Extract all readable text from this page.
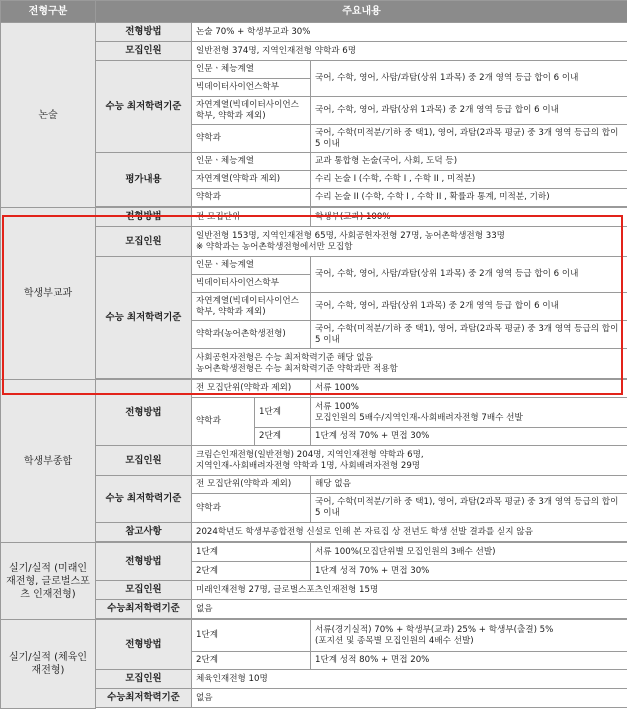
전형구분	주요내용			
논술	전형방법	논술 70% + 학생부교과 30%		
	모집인원	일반전형 374명, 지역인재전형 약학과 6명		
	수능 최저학력기준	인문ㆍ체능계열		국어, 수학, 영어, 사탐/과탐(상위 1과목) 중 2개 영역 등급 합이 6 이내
		빅데이터사이언스학부		
		자연계열(빅데이터사이언스학부, 약학과 제외)		국어, 수학, 영어, 과탐(상위 1과목) 중 2개 영역 등급 합이 6 이내
		약학과		국어, 수학(미적분/기하 중 택1), 영어, 과탐(2과목 평균) 중 3개 영역 등급의 합이 5 이내
	평가내용	인문ㆍ체능계열		교과 통합형 논술(국어, 사회, 도덕 등)
		자연계열(약학과 제외)		수리 논술 I (수학, 수학 I , 수학 II , 미적분)
		약학과		수리 논술 II (수학, 수학 I , 수학 II , 확률과 통계, 미적분, 기하)

학생부교과	전형방법	전 모집단위		학생부(교과) 100%
	모집인원	일반전형 153명, 지역인재전형 65명, 사회공헌자전형 27명, 농어촌학생전형 33명
※ 약학과는 농어촌학생전형에서만 모집함		

	수능 최저학력기준	인문ㆍ체능계열		국어, 수학, 영어, 사탐/과탐(상위 1과목) 중 2개 영역 등급 합이 6 이내
		빅데이터사이언스학부		
		자연계열(빅데이터사이언스학부, 약학과 제외)		국어, 수학, 영어, 과탐(상위 1과목) 중 2개 영역 등급 합이 6 이내
		약학과(농어촌학생전형)		국어, 수학(미적분/기하 중 택1), 영어, 과탐(2과목 평균) 중 3개 영역 등급의 합이 5 이내

		사회공헌자전형은 수능 최저학력기준 해당 없음
농어촌학생전형은 수능 최저학력기준 약학과만 적용함		

학생부종합	전형방법	전 모집단위(약학과 제외)		서류 100%
		약학과	1단계	서류 100%
모집인원의 5배수/지역인재-사회배려자전형 7배수 선발

			2단계	1단계 성적 70% + 면접 30%
	모집인원	크림슨인재전형(일반전형) 204명, 지역인재전형 약학과 6명,
지역인재-사회배려자전형 약학과 1명, 사회배려자전형 29명		

	수능 최저학력기준	전 모집단위(약학과 제외)		해당 없음
		약학과		국어, 수학(미적분/기하 중 택1), 영어, 과탐(2과목 평균) 중 3개 영역 등급의 합이 5 이내
	참고사항	2024학년도 학생부종합전형 신설로 인해 본 자료집 상 전년도 학생 선발 결과를 싣지 않음		

실기/실적 (미래인재전형, 글로벌스포츠 인재전형)	전형방법	1단계		서류 100%(모집단위별 모집인원의 3배수 선발)
		2단계		1단계 성적 70% + 면접 30%
	모집인원	미래인재전형 27명, 글로벌스포츠인재전형 15명		
	수능최저학력기준	없음		

실기/실적 (체육인재전형)	전형방법	1단계		서류(경기실적) 70% + 학생부(교과) 25% + 학생부(출결) 5%
(포지션 및 종목별 모집인원의 4배수 선발)

		2단계		1단계 성적 80% + 면접 20%
	모집인원	체육인재전형 10명		
	수능최저학력기준	없음		
